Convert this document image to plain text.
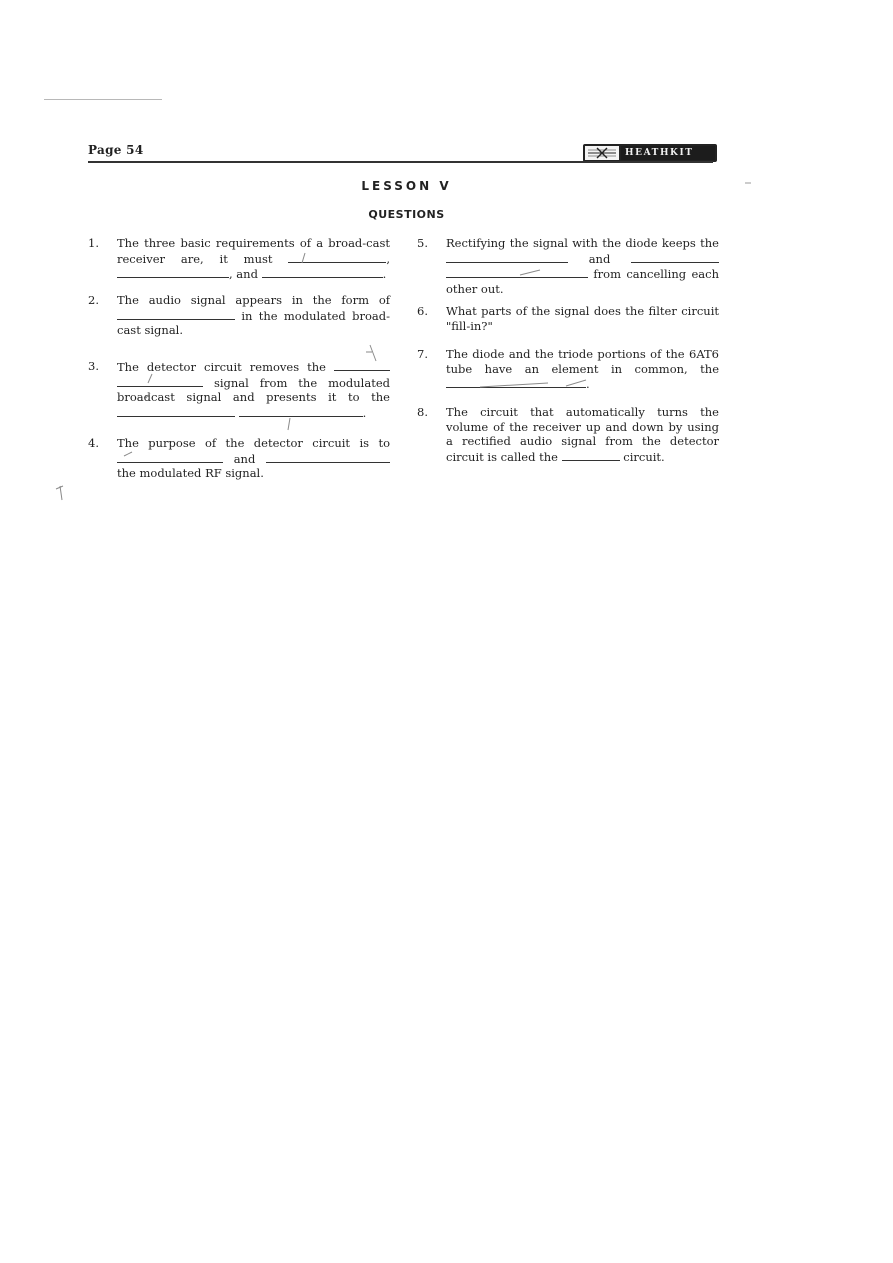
Page 54	HEATHKIT
LESSON V
QUESTIONS
1.	The three basic requirements of a broad-cast receiver are, it must	, , and	.
2.	The audio signal appears in the form of  in the modulated broad-cast signal.
3.	The detector circuit removes the   signal from the modulated broadcast signal and presents it to the  .
4.	The purpose of the detector circuit is to  and  the modulated RF signal.
5.	Rectifying the signal with the diode keeps the  and   from cancelling each other out.
6.	What parts of the signal does the filter circuit "fill-in?"
7.	The diode and the triode portions of the 6AT6 tube have an element in common, the .
8.	The circuit that automatically turns the volume of the receiver up and down by using a rectified audio signal from the detector circuit is called the	circuit.
